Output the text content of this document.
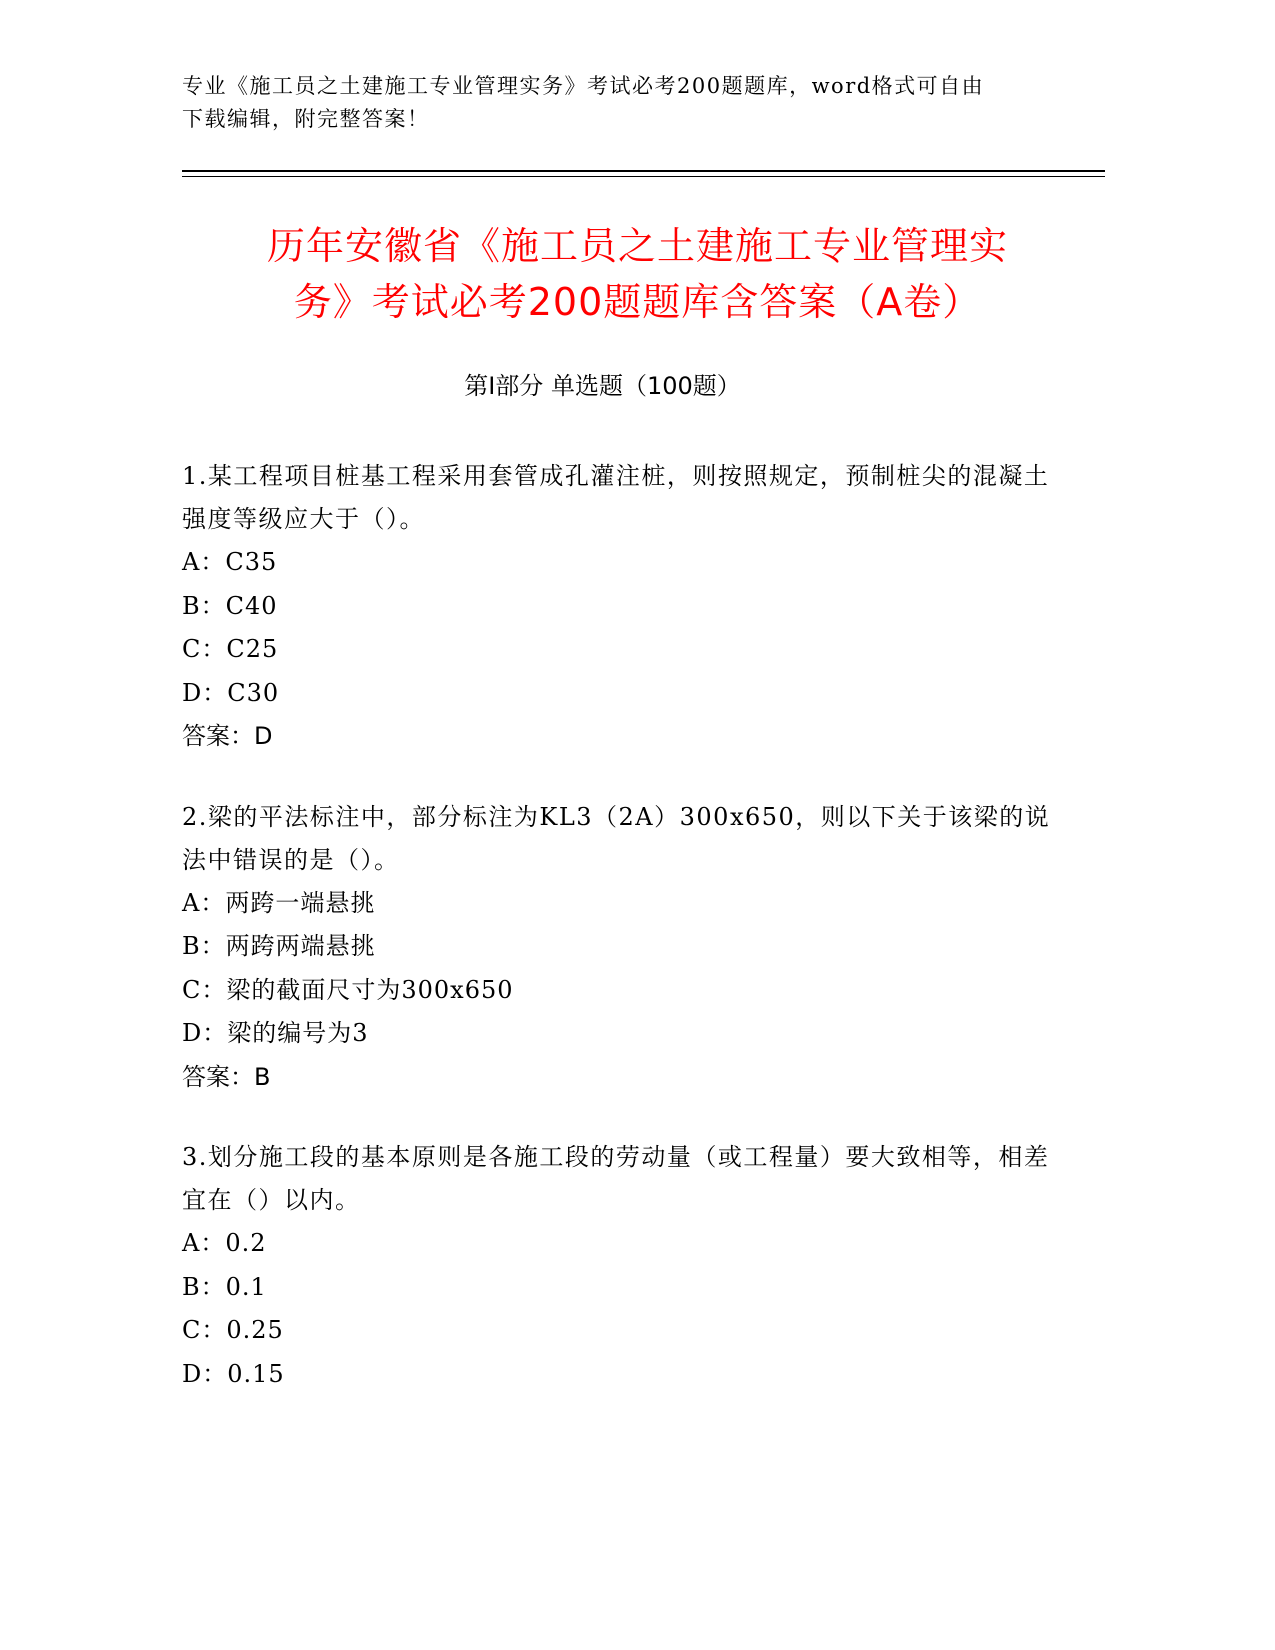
专业《施工员之土建施工专业管理实务》考试必考200题题库，word格式可自由
下载编辑，附完整答案！
历年安徽省《施工员之土建施工专业管理实
务》考试必考200题题库含答案（A卷）
第Ⅰ部分 单选题（100题）
1.某工程项目桩基工程采用套管成孔灌注桩，则按照规定，预制桩尖的混凝土强度等级应大于（）。
A：C35
B：C40
C：C25
D：C30
答案：D
2.梁的平法标注中，部分标注为KL3（2A）300x650，则以下关于该梁的说法中错误的是（）。
A：两跨一端悬挑
B：两跨两端悬挑
C：梁的截面尺寸为300x650
D：梁的编号为3
答案：B
3.划分施工段的基本原则是各施工段的劳动量（或工程量）要大致相等，相差宜在（）以内。
A：0.2
B：0.1
C：0.25
D：0.15
